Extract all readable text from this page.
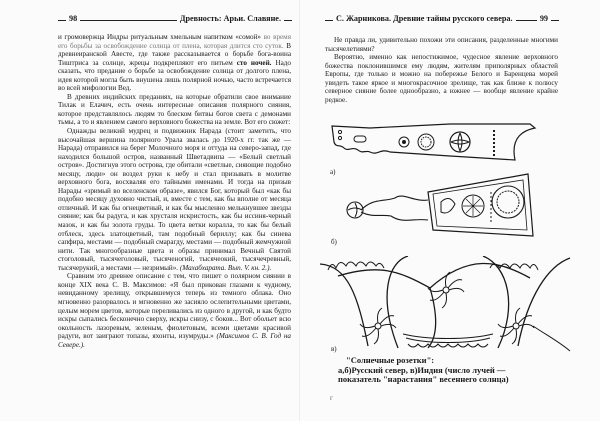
98	Древность: Арьи. Славяне.

и громовержца Индры ритуальным хмельным напитком «сомой» во время его борьбы за освобождение солнца от плена, которая длится сто суток. В древнеиранской Авесте, где также рассказывается о борьбе бога-воина Тиштриса за солнце, жрецы подкрепляют его питьем сто ночей. Надо сказать, что предание о борьбе за освобождение солнца от долгого плена, идея которой могла быть внушена лишь полярной ночью, часто встречается во всей мифологии Вед.

В древних индийских преданиях, на которые обратили свое внимание Тилак и Елачич, есть очень интересные описания полярного сияния, которое представлялось людям то блеском битвы богов света с демонами тьмы, а то и явлением самого верховного божества на земле. Вот его сюжет:

Однажды великий мудрец и подвижник Нарада (стоит заметить, что высочайшая вершина полярного Урала звалась до 1920-х гг. так же — Нарада) отправился на берег Молочного моря и оттуда на северо-запад, где находился большой остров, названный Шветадвипа — «Белый светлый остров». Достигнув этого острова, где обитали «светлые, сияющие подобно месяцу, люди» он воздел руки к небу и стал призывать в молитве верховного бога, восхваляя его тайными именами. И тогда на призыв Нарады «зримый во вселенском образе», явился Бог, который был «как бы подобно месяцу духовно чистый, и, вместе с тем, как бы вполне от месяца отличный. И как бы огнецветный, и как бы мысленно мелькнувшее звезды сияние; как бы радуга, и как хрусталя искристость, как бы иссиня-черный мазок, и как бы золота груды. То цвета ветки коралла, то как бы белый отблеск, здесь златоцветный, там подобный бериллу; как бы синева сапфира, местами — подобный смарагду, местами — подобный жемчужной нити. Так многообразные цвета и образы принимал Вечный Святой стоголовый, тысячеголовый, тысяченогий, тысячеокий, тысячечревный, тысячерукий, а местами — незримый». (Махабхарата. Вып. V. кн. 2.).

Сравним это древнее описание с тем, что пишет о полярном сиянии в конце XIX века С. В. Максимов: «Я был прикован глазами к чудному, невиданному зрелищу, открывшемуся теперь из темного облака. Оно мгновенно разорвалось и мгновенно же засияло ослепительными цветами, целым морем цветов, которые переливались из одного в другой, и как будто искры сыпались бесконечно сверху, искры снизу, с боков... Вот обольет всю окольность лазоревым, зеленым, фиолетовым, всеми цветами красивой радуги, вот заиграют топазы, яхонты, изумруды.» (Максимов С. В. Год на Севере.).

С. Жарникова. Древние тайны русского севера.	99

Не правда ли, удивительно похожи эти описания, разделенные многими тысячелетиями?

Вероятно, именно как непостижимое, чудесное явление верховного божества поклонившимся ему людям, жителям приполярных областей Европы, где только и можно на побережье Белого и Баренцева морей увидеть такое яркое и многокрасочное зрелище, так как ближе к полюсу северное сияние более однообразно, а южнее — вообще явление крайне редкое.

а)
б)
в)
"Солнечные розетки":
а,б)Русский север, в)Индия (число лучей —
показатель "нарастания" весеннего солнца)
г
